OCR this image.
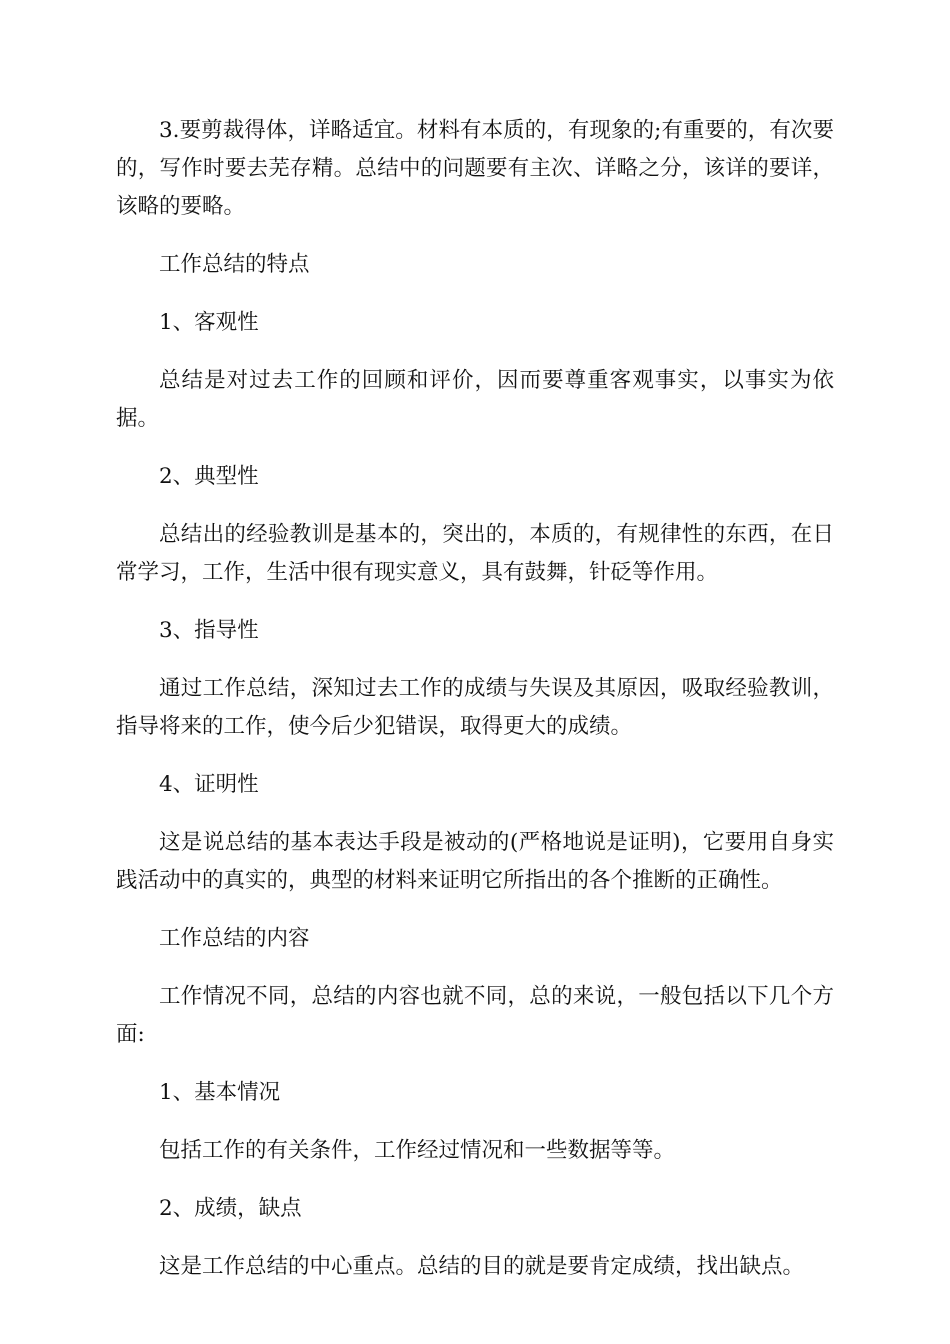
3.要剪裁得体，详略适宜。材料有本质的，有现象的;有重要的，有次要的，写作时要去芜存精。总结中的问题要有主次、详略之分，该详的要详，该略的要略。

工作总结的特点

1、客观性

总结是对过去工作的回顾和评价，因而要尊重客观事实，以事实为依据。

2、典型性

总结出的经验教训是基本的，突出的，本质的，有规律性的东西，在日常学习，工作，生活中很有现实意义，具有鼓舞，针砭等作用。

3、指导性

通过工作总结，深知过去工作的成绩与失误及其原因，吸取经验教训，指导将来的工作，使今后少犯错误，取得更大的成绩。

4、证明性

这是说总结的基本表达手段是被动的(严格地说是证明)，它要用自身实践活动中的真实的，典型的材料来证明它所指出的各个推断的正确性。

工作总结的内容

工作情况不同，总结的内容也就不同，总的来说，一般包括以下几个方面:

1、基本情况

包括工作的有关条件，工作经过情况和一些数据等等。

2、成绩，缺点

这是工作总结的中心重点。总结的目的就是要肯定成绩，找出缺点。
